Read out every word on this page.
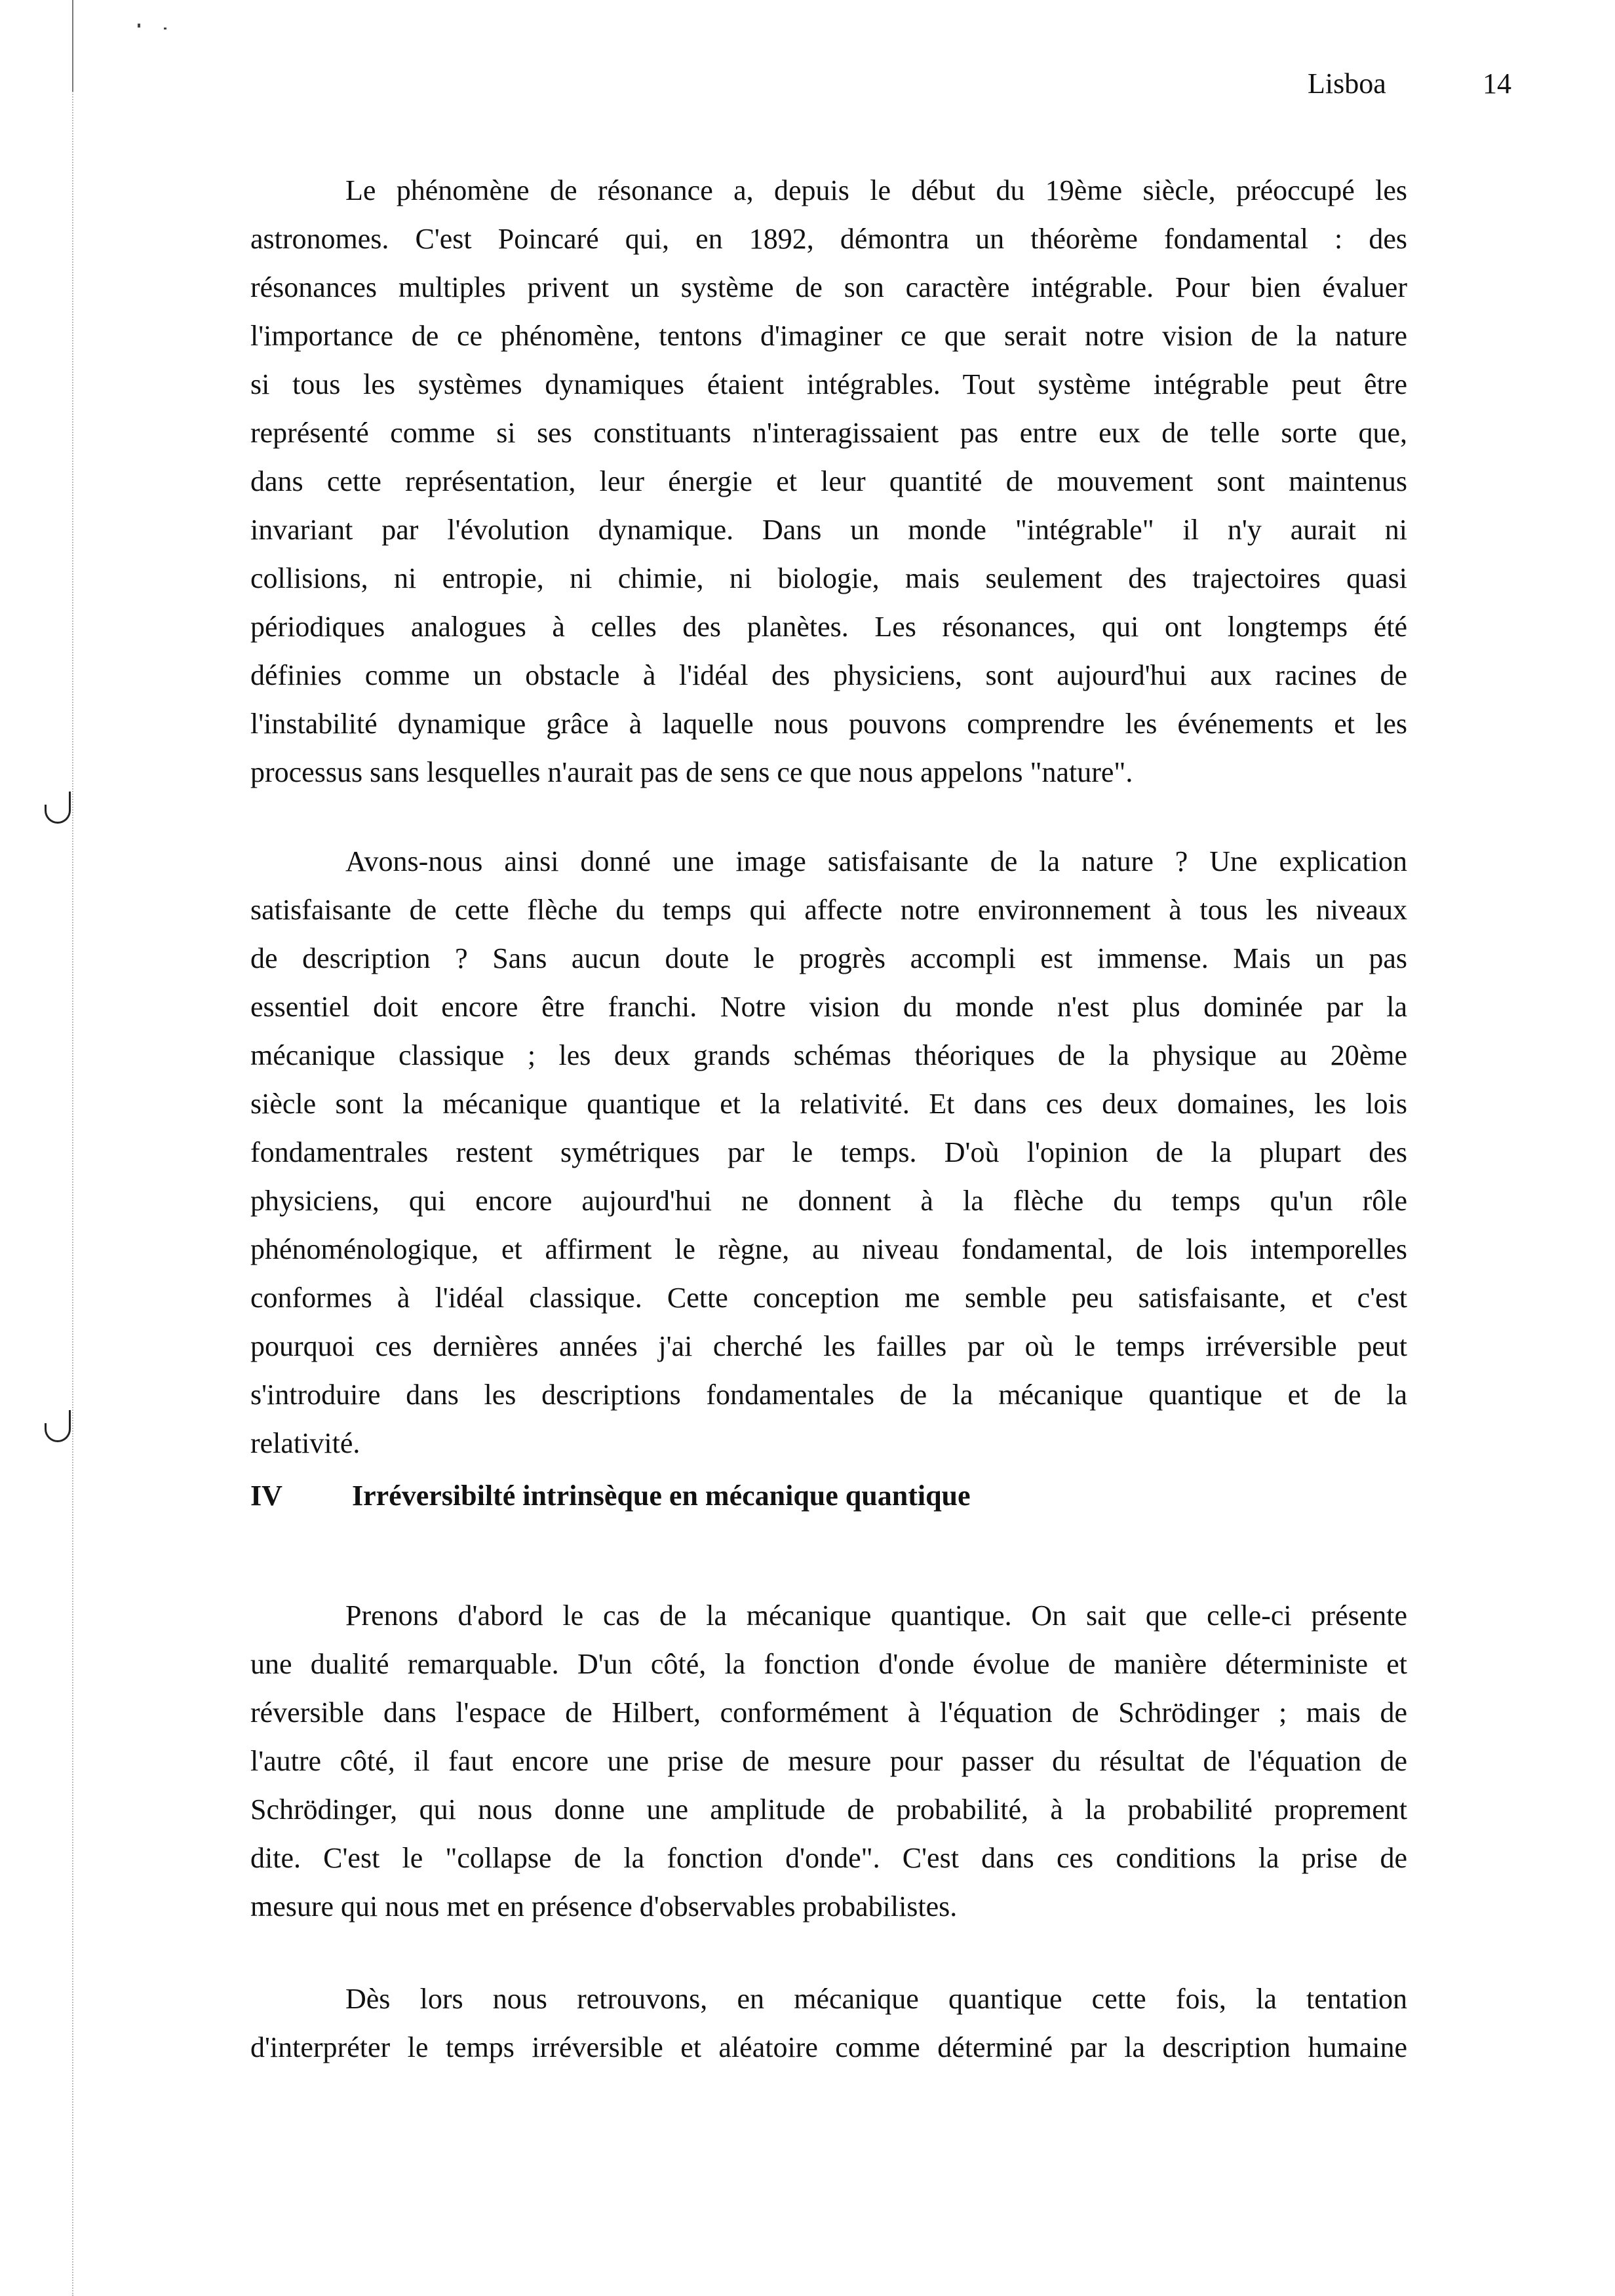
Lisboa	14
Le phénomène de résonance a, depuis le début du 19ème siècle, préoccupé les
astronomes. C'est Poincaré qui, en 1892, démontra un théorème fondamental : des
résonances multiples privent un système de son caractère intégrable. Pour bien évaluer
l'importance de ce phénomène, tentons d'imaginer ce que serait notre vision de la nature
si tous les systèmes dynamiques étaient intégrables. Tout système intégrable peut être
représenté comme si ses constituants n'interagissaient pas entre eux de telle sorte que,
dans cette représentation, leur énergie et leur quantité de mouvement sont maintenus
invariant par l'évolution dynamique. Dans un monde "intégrable" il n'y aurait ni
collisions, ni entropie, ni chimie, ni biologie, mais seulement des trajectoires quasi
périodiques analogues à celles des planètes. Les résonances, qui ont longtemps été
définies comme un obstacle à l'idéal des physiciens, sont aujourd'hui aux racines de
l'instabilité dynamique grâce à laquelle nous pouvons comprendre les événements et les
processus sans lesquelles n'aurait pas de sens ce que nous appelons "nature".
Avons-nous ainsi donné une image satisfaisante de la nature ? Une explication
satisfaisante de cette flèche du temps qui affecte notre environnement à tous les niveaux
de description ? Sans aucun doute le progrès accompli est immense. Mais un pas
essentiel doit encore être franchi. Notre vision du monde n'est plus dominée par la
mécanique classique ; les deux grands schémas théoriques de la physique au 20ème
siècle sont la mécanique quantique et la relativité. Et dans ces deux domaines, les lois
fondamentrales restent symétriques par le temps. D'où l'opinion de la plupart des
physiciens, qui encore aujourd'hui ne donnent à la flèche du temps qu'un rôle
phénoménologique, et affirment le règne, au niveau fondamental, de lois intemporelles
conformes à l'idéal classique. Cette conception me semble peu satisfaisante, et c'est
pourquoi ces dernières années j'ai cherché les failles par où le temps irréversible peut
s'introduire dans les descriptions fondamentales de la mécanique quantique et de la
relativité.
IV Irréversibilté intrinsèque en mécanique quantique
Prenons d'abord le cas de la mécanique quantique. On sait que celle-ci présente
une dualité remarquable. D'un côté, la fonction d'onde évolue de manière déterministe et
réversible dans l'espace de Hilbert, conformément à l'équation de Schrödinger ; mais de
l'autre côté, il faut encore une prise de mesure pour passer du résultat de l'équation de
Schrödinger, qui nous donne une amplitude de probabilité, à la probabilité proprement
dite. C'est le "collapse de la fonction d'onde". C'est dans ces conditions la prise de
mesure qui nous met en présence d'observables probabilistes.
Dès lors nous retrouvons, en mécanique quantique cette fois, la tentation
d'interpréter le temps irréversible et aléatoire comme déterminé par la description humaine
